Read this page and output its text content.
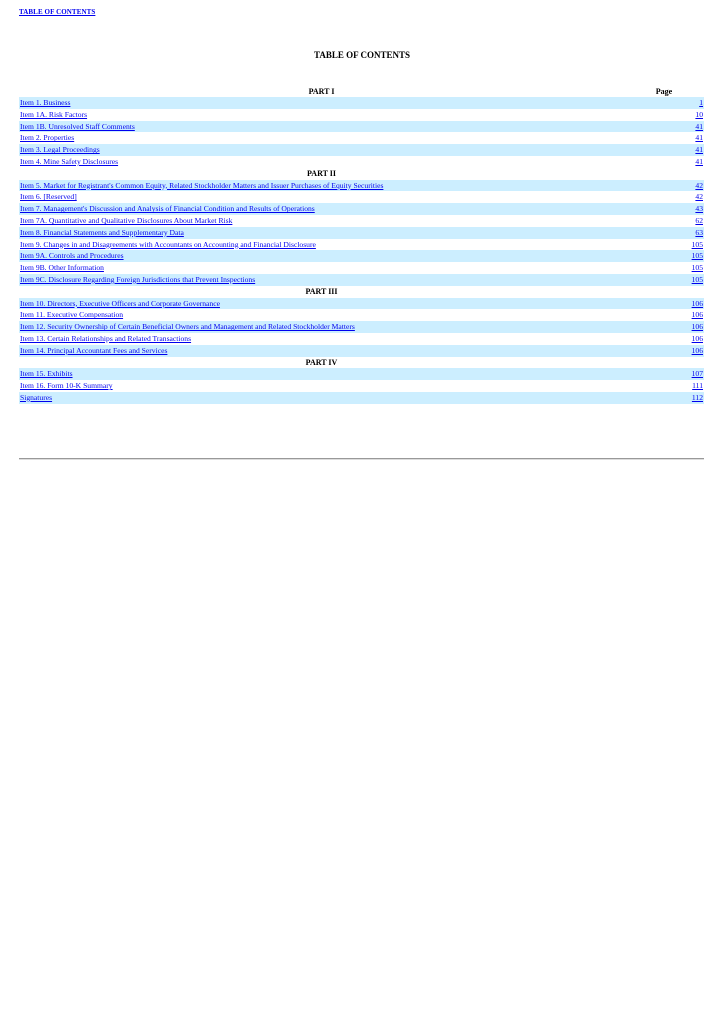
TABLE OF CONTENTS
TABLE OF CONTENTS
PART I	Page
Item 1. Business	1
Item 1A. Risk Factors	10
Item 1B. Unresolved Staff Comments	41
Item 2. Properties	41
Item 3. Legal Proceedings	41
Item 4. Mine Safety Disclosures	41
PART II
Item 5. Market for Registrant's Common Equity, Related Stockholder Matters and Issuer Purchases of Equity Securities	42
Item 6. [Reserved]	42
Item 7. Management's Discussion and Analysis of Financial Condition and Results of Operations	43
Item 7A. Quantitative and Qualitative Disclosures About Market Risk	62
Item 8. Financial Statements and Supplementary Data	63
Item 9. Changes in and Disagreements with Accountants on Accounting and Financial Disclosure	105
Item 9A. Controls and Procedures	105
Item 9B. Other Information	105
Item 9C. Disclosure Regarding Foreign Jurisdictions that Prevent Inspections	105
PART III
Item 10. Directors, Executive Officers and Corporate Governance	106
Item 11. Executive Compensation	106
Item 12. Security Ownership of Certain Beneficial Owners and Management and Related Stockholder Matters	106
Item 13. Certain Relationships and Related Transactions	106
Item 14. Principal Accountant Fees and Services	106
PART IV
Item 15. Exhibits	107
Item 16. Form 10-K Summary	111
Signatures	112
